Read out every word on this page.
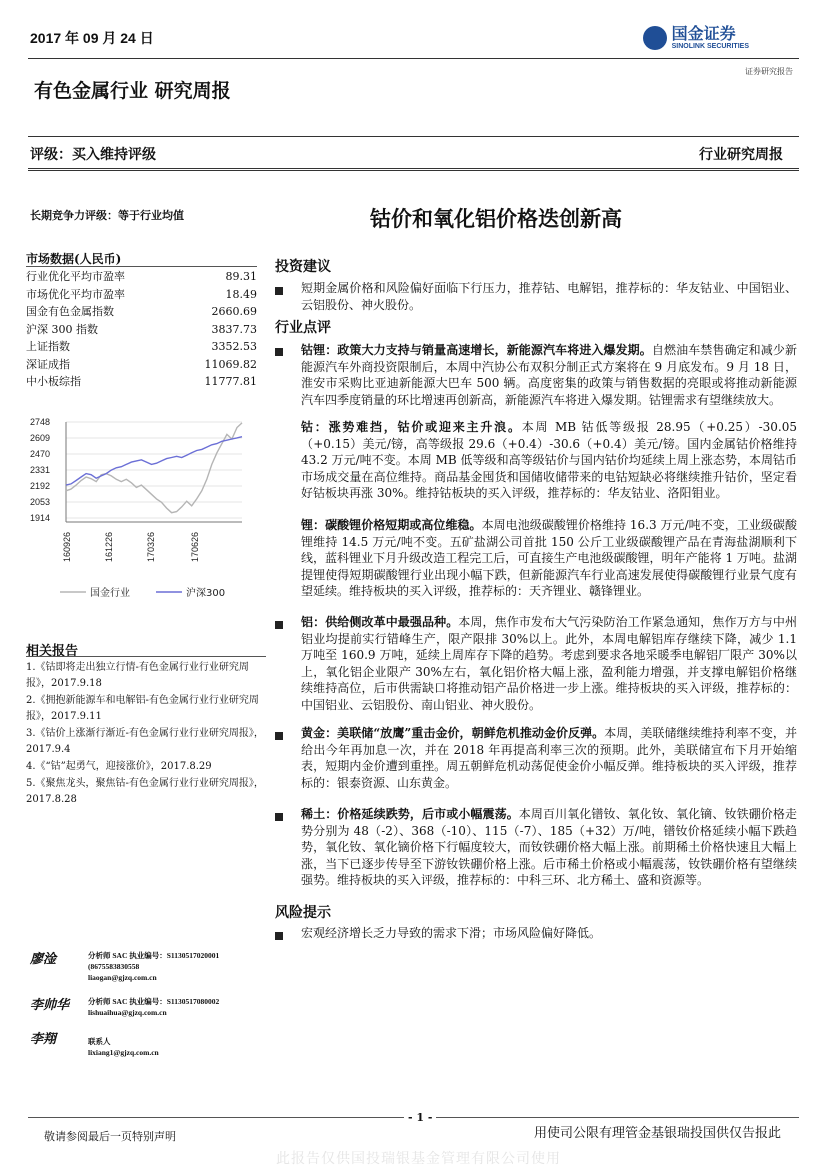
2017 年 09 月 24 日	国金证券
SINOLINK SECURITIES
证券研究报告
有色金属行业 研究周报
评级：买入维持评级	行业研究周报
长期竞争力评级：等于行业均值	钴价和氧化铝价格迭创新高
市场数据(人民币)
行业优化平均市盈率	89.31
市场优化平均市盈率	18.49
国金有色金属指数	2660.69
沪深 300 指数	3837.73
上证指数	3352.53
深证成指	11069.82
中小板综指	11777.81
2748
2609
2470
2331
2192
2053
1914
160926	161226	170326	170626
国金行业	沪深300
相关报告
1.《钴即将走出独立行情-有色金属行业行业研究周报》，2017.9.18
2.《拥抱新能源车和电解铝-有色金属行业行业研究周报》，2017.9.11
3.《钴价上涨渐行渐近-有色金属行业行业研究周报》，2017.9.4
4.《“钴”起勇气，迎接涨价》，2017.8.29
5.《聚焦龙头，聚焦钴-有色金属行业行业研究周报》，2017.8.28
廖淦	分析师 SAC 执业编号：S1130517020001
(8675583830558
liaogan@gjzq.com.cn
李帅华	分析师 SAC 执业编号：S1130517080002
lishuaihua@gjzq.com.cn
李翔	联系人
lixiang1@gjzq.com.cn
投资建议
短期金属价格和风险偏好面临下行压力，推荐钴、电解铝，推荐标的：华友钴业、中国铝业、云铝股份、神火股份。
行业点评
钴锂：政策大力支持与销量高速增长，新能源汽车将进入爆发期。自燃油车禁售确定和减少新能源汽车外商投资限制后，本周中汽协公布双积分制正式方案将在 9 月底发布。9 月 18 日，淮安市采购比亚迪新能源大巴车 500 辆。高度密集的政策与销售数据的亮眼或将推动新能源汽车四季度销量的环比增速再创新高，新能源汽车将进入爆发期。钴锂需求有望继续放大。
钴：涨势难挡，钴价或迎来主升浪。本周 MB 钴低等级报 28.95（+0.25）-30.05（+0.15）美元/镑，高等级报 29.6（+0.4）-30.6（+0.4）美元/镑。国内金属钴价格维持 43.2 万元/吨不变。本周 MB 低等级和高等级钴价与国内钴价均延续上周上涨态势，本周钴币市场成交量在高位维持。商品基金囤货和国储收储带来的电钴短缺必将继续推升钴价，坚定看好钴板块再涨 30%。维持钴板块的买入评级，推荐标的：华友钴业、洛阳钼业。
锂：碳酸锂价格短期或高位维稳。本周电池级碳酸锂价格维持 16.3 万元/吨不变，工业级碳酸锂维持 14.5 万元/吨不变。五矿盐湖公司首批 150 公斤工业级碳酸锂产品在青海盐湖顺利下线，蓝科锂业下月升级改造工程完工后，可直接生产电池级碳酸锂，明年产能将 1 万吨。盐湖提锂使得短期碳酸锂行业出现小幅下跌，但新能源汽车行业高速发展使得碳酸锂行业景气度有望延续。维持板块的买入评级，推荐标的：天齐锂业、赣锋锂业。
铝：供给侧改革中最强品种。本周，焦作市发布大气污染防治工作紧急通知，焦作万方与中州铝业均提前实行错峰生产，限产限排 30%以上。此外，本周电解铝库存继续下降，减少 1.1 万吨至 160.9 万吨，延续上周库存下降的趋势。考虑到要求各地采暖季电解铝厂限产 30%以上，氧化铝企业限产 30%左右，氧化铝价格大幅上涨，盈利能力增强，并支撑电解铝价格继续维持高位，后市供需缺口将推动铝产品价格进一步上涨。维持板块的买入评级，推荐标的：中国铝业、云铝股份、南山铝业、神火股份。
黄金：美联储“放鹰”重击金价，朝鲜危机推动金价反弹。本周，美联储继续维持利率不变，并给出今年再加息一次，并在 2018 年再提高利率三次的预期。此外，美联储宣布下月开始缩表，短期内金价遭到重挫。周五朝鲜危机动荡促使金价小幅反弹。维持板块的买入评级，推荐标的：银泰资源、山东黄金。
稀土：价格延续跌势，后市或小幅震荡。本周百川氧化镨钕、氧化钕、氧化镝、钕铁硼价格走势分别为 48（-2）、368（-10）、115（-7）、185（+32）万/吨，镨钕价格延续小幅下跌趋势，氧化钕、氧化镝价格下行幅度较大，而钕铁硼价格大幅上涨。前期稀土价格快速且大幅上涨，当下已逐步传导至下游钕铁硼价格上涨。后市稀土价格或小幅震荡，钕铁硼价格有望继续强势。维持板块的买入评级，推荐标的：中科三环、北方稀土、盛和资源等。
风险提示
宏观经济增长乏力导致的需求下滑；市场风险偏好降低。
- 1 -
敬请参阅最后一页特别声明	用使司公限有理管金基银瑞投国供仅告报此
此报告仅供国投瑞银基金管理有限公司使用
